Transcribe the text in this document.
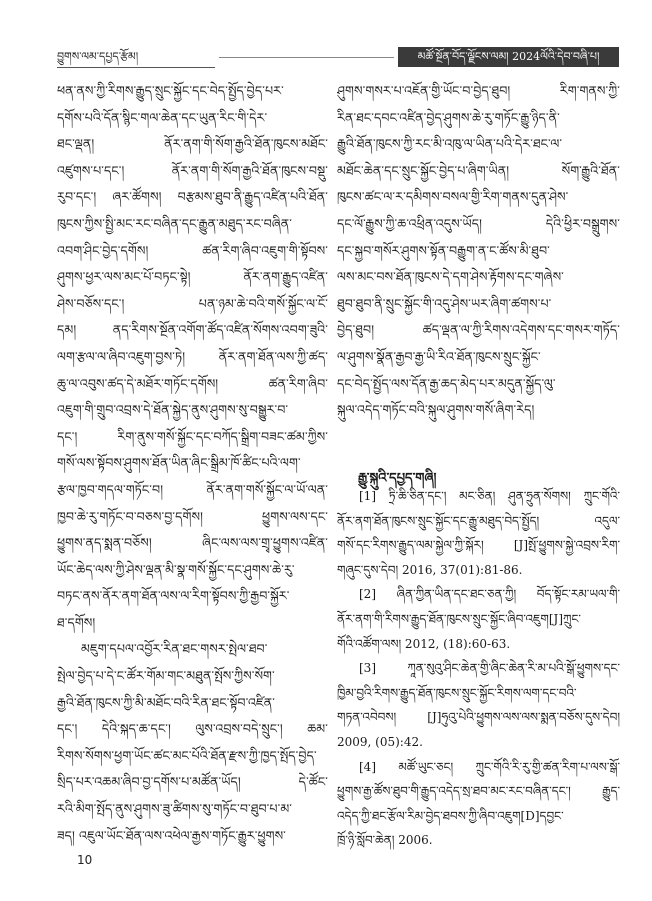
བྱུགས་ལམ་དཔྱད་རྩོམ།	མཚོ་སྔོན་བོད་ལྗོངས་ལམ། 2024ལོའི་དེབ་བཞི་པ།
ཕན་ནས་ཀྱི་རིགས་རྒྱུད་སྲུང་སྐྱོང་དང་བེད་སྤྱོད་བྱེད་པར་
དགོས་པའི་དོན་སྙིང་གལ་ཆེན་དང་ཡུན་རིང་གི་དེར་
ཐང་ལྡན། ནོར་ནག་གི་སོག་རྒྱའི་ཐོན་ཁུངས་མཐོང་
འཛུགས་པ་དང་། ནོར་ནག་གི་སོག་རྒྱའི་ཐོན་ཁུངས་བསྡུ་
རུབ་དང་། ཞར་ཚོགས། བརྩམས་ཐུབ་ནི་རྒྱུད་འཛིན་པའི་ཐོན་
ཁུངས་ཀྱིས་སྤྱི་མང་རང་བཞིན་དང་རྒྱུན་མཐུད་རང་བཞིན་
འབག་ཤིང་བྱེད་དགོས། ཚན་རིག་ཞིབ་འཇུག་གི་སྟོབས་
ཤུགས་ཕྱར་ལས་མང་པོ་བཏང་སྟེ། ནོར་ནག་རྒྱུད་འཛིན་
ཤེས་བཅོས་དང་། པན་ཉམ་ཆེ་བའི་གསོ་སྐྱོང་ལ་ངོ་
དམ། ནད་རིགས་སྔོན་འགོག་ཚོད་འཛིན་སོགས་འབག་ཟུའི་
ལག་རྩལ་ལ་ཞིབ་འཇུག་བྱས་ཏེ། ནོར་ནག་ཐོན་ལས་ཀྱི་ཚད་
ཆུ་ལ་འབུས་ཚད་དེ་མཐོར་གཏོང་དགོས། ཚན་རིག་ཞིབ་
འཇུག་གི་གྲུབ་འབྲས་དེ་ཐོན་སྐྱེད་ནུས་ཤུགས་སུ་བསྒྱུར་བ་
དང་། རིག་ནུས་གསོ་སྐྱོང་དང་བཀོད་སྒྲིག་བཟང་ཚམ་ཀྱིས་
གསོ་ལས་སྟོབས་ཤུགས་ཐོན་ཡིན་ཞིང་སྒྲིམ་ཁོ་ཚིང་པའི་ལག་
རྩལ་ཁྱབ་གདལ་གཏོང་བ། ནོར་ནག་གསོ་སྐྱོང་ལ་ཡོ་ལན་
ཁྱབ་ཆེ་རུ་གཏོང་བ་བཅས་བྱ་དགོས། ཕྱུགས་ལས་དང་
ཕྱུགས་ནད་སྨན་བཅོས། ཞིང་ལས་ལས་གྲྭ་ཕྱུགས་འཛིན་
ཡོང་ཆེད་ལས་ཀྱི་ཤེས་ལྡན་མི་སྣ་གསོ་སྐྱོང་དང་ཤུགས་ཆེ་རུ་
བཏང་ནས་ནོར་ནག་ཐོན་ལས་ལ་རིག་སྟོབས་ཀྱི་རྒྱབ་སྐྱོར་
ཐ་དགོས།
མཇུག་དཔལ་འབྱོར་རིན་ཐང་གསར་སྤེལ་ཐབ་
སྤེལ་བྱེད་པ་དེ་ང་ཚོར་གོམ་གང་མཐུན་སྤོས་ཀྱིས་སོག་
རྒྱའི་ཐོན་ཁུངས་ཀྱི་མི་མཐོང་བའི་རིན་ཐང་སྟོབ་འཛིན་
དང་། དེའི་སྐད་ཆ་དང་། ལུས་འབྲས་བདེ་སྲུང་། ཆམ་
རིགས་སོགས་ཕྱག་ཡོང་ཚང་མང་པོའི་ཐོན་རྫས་ཀྱི་ཁྱད་སྤོད་བྱེད་
སྲིད་པར་འཆམ་ཞིབ་བྱ་དགོས་པ་མཚོན་ཡོད། དེ་ཚོང་
རའི་མིག་སྤོད་ནུས་ཤུགས་ཟུ་ཚིགས་སུ་གཏོང་བ་ཐུབ་པ་མ་
ཟད། འཇུལ་ཡོང་ཐོན་ལས་འཕེལ་རྒྱས་གཏོང་རྒྱུར་ཕྱུགས་
ཤུགས་གསར་པ་འཇོན་གྱི་ཡོང་བ་བྱེད་ཐུབ། རིག་གནས་ཀྱི་
རིན་ཐང་དབང་འཛིན་བྱེད་ཤུགས་ཆེ་རུ་གཏོང་རྒྱུ་ཉིད་ནི་
རྒྱུའི་ཐོན་ཁུངས་ཀྱི་རང་མི་འཁུ་ལ་ཡིན་པའི་དེར་ཐང་ལ་
མཐོང་ཆེན་དང་སྲུང་སྐྱོང་བྱེད་པ་ཞིག་ཡིན། སོག་རྒྱུའི་ཐོན་
ཁུངས་ཚང་ལ་ར་དམིགས་བསལ་གྱི་རིག་གནས་དུན་ཤེས་
དང་ལོ་རྒྱུས་ཀྱི་ཆ་འཕྲིན་འདུས་ཡོད། དེའི་ཕྱིར་བསྒྲུགས་
དང་སྐྱབ་གསོར་ཤུགས་སྟོན་བརྒྱུག་ན་ང་ཚོས་མི་ཐུབ་
ལས་མང་བས་ཐོན་ཁུངས་དེ་དག་ཤེས་རྟོགས་དང་གཞེས་
ཐུབ་ཐུབ་ནི་སྲུང་སྐྱོང་གི་འདུ་ཤེས་ཡར་ཞིག་ཚགས་པ་
བྱེད་ཐུབ། ཚད་ལྡན་ལ་ཀྱི་རིགས་འདེགས་དང་གསར་གཏོད་
ལ་ཤུགས་སྣོན་རྒྱབ་རྒྱ་ཡི་རིའ་ཐོན་ཁུངས་སྲུང་སྐྱོང་
དང་བེད་སྤྱོད་ལས་དོན་རྒྱ་ཆད་མེད་པར་མདུན་སྐྱོད་ལུ་
སྐུལ་འདེད་གཏོང་བའི་སྐུལ་ཤུགས་གསོ་ཞིག་རེད།
རྒྱུ་སྐུའི་དཔྱད་གཞི།
[1] ཏྲི་ཆི་ཅིན་དང་། མང་ཅིན། ཤུན་ཧྲུན་སོགས། ཀྲུང་གོའི་
ནོར་ནག་ཐོན་ཁུངས་སྲུང་སྐྱོང་དང་རྒྱུ་མཐུད་བེད་སྤྱོད། འདུལ་
གསོ་དང་རིགས་རྒྱུད་ལམ་སྐྱེལ་ཀྱི་སྐོར། [J]སྤོ་ཕྱུགས་སྐྱེ་འབྲས་རིག་
གཞུང་དུས་དེབ། 2016, 37(01):81-86.
[2] ཞིན་ཀྱིན་ཡིན་དང་ཐང་ཅན་ཀྱི། བོད་སྟོང་རམ་ཡལ་གི་
ནོར་ནག་གི་རིགས་རྒྱུད་ཐོན་ཁུངས་སྲུང་སྐྱོང་ཞིབ་འཇུག[J]ཀྲུང་
གོའི་འཚོག་ལས། 2012, (18):60-63.
[3] ཀཱན་སུའུ་ཤིང་ཆེན་གྱི་ཞིང་ཆེན་རི་མ་པའི་སྒོ་ཕྱུགས་དང་
ཁྱིམ་བྱའི་རིགས་རྒྱུད་ཐོན་ཁུངས་སྲུང་སྐྱོང་རིགས་ལག་དང་བའི་
གཏན་འབེབས། [J]ཧུའུ་པེའི་ཕྱུགས་ལས་ལས་སྨན་བཅོས་དུས་དེབ།
2009, (05):42.
[4] མཚོ་ཡུང་ཅང། ཀྲུང་གོའི་རི་རུ་གྱི་ཚན་རིག་པ་ལས་སྒོ་
ཕྱུགས་རྒྱ་ཚོས་ཐུབ་གི་རྒྱུད་འདེད་སྲ་ཐབ་མང་རང་བཞིན་དང་། རྒྱུད་
འདེད་ཀྱི་ཐང་རྩོལ་རིམ་བྱེད་ཐབས་ཀྱི་ཞིབ་འཇུག[D]དབྱང་
ཁྲོ་ཉི་སློབ་ཆེན། 2006.
10
